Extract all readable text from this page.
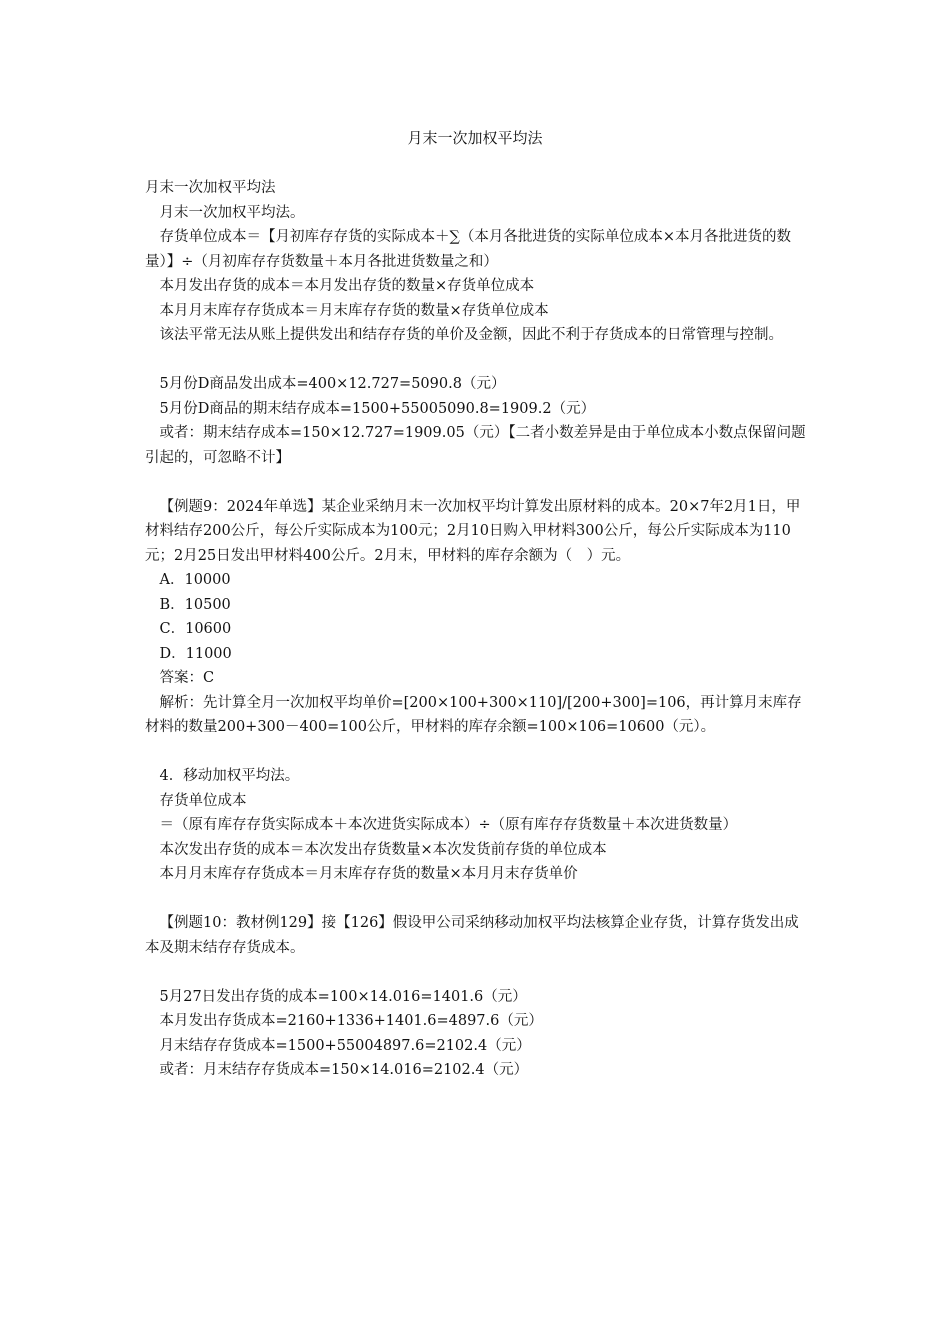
月末一次加权平均法

月末一次加权平均法

月末一次加权平均法。

存货单位成本＝【月初库存存货的实际成本＋∑（本月各批进货的实际单位成本×本月各批进货的数量）】÷（月初库存存货数量＋本月各批进货数量之和）

本月发出存货的成本＝本月发出存货的数量×存货单位成本

本月月末库存存货成本＝月末库存存货的数量×存货单位成本

该法平常无法从账上提供发出和结存存货的单价及金额，因此不利于存货成本的日常管理与控制。

5月份D商品发出成本=400×12.727=5090.8（元）

5月份D商品的期末结存成本=1500+55005090.8=1909.2（元）

或者：期末结存成本=150×12.727=1909.05（元）【二者小数差异是由于单位成本小数点保留问题引起的，可忽略不计】

【例题9：2024年单选】某企业采纳月末一次加权平均计算发出原材料的成本。20×7年2月1日，甲材料结存200公斤，每公斤实际成本为100元；2月10日购入甲材料300公斤，每公斤实际成本为110元；2月25日发出甲材料400公斤。2月末，甲材料的库存余额为（　）元。

A．10000

B．10500

C．10600

D．11000

答案：C

解析：先计算全月一次加权平均单价=[200×100+300×110]/[200+300]=106，再计算月末库存材料的数量200+300－400=100公斤，甲材料的库存余额=100×106=10600（元）。

4．移动加权平均法。

存货单位成本

＝（原有库存存货实际成本＋本次进货实际成本）÷（原有库存存货数量＋本次进货数量）

本次发出存货的成本＝本次发出存货数量×本次发货前存货的单位成本

本月月末库存存货成本＝月末库存存货的数量×本月月末存货单价

【例题10：教材例129】接【126】假设甲公司采纳移动加权平均法核算企业存货，计算存货发出成本及期末结存存货成本。

5月27日发出存货的成本=100×14.016=1401.6（元）

本月发出存货成本=2160+1336+1401.6=4897.6（元）

月末结存存货成本=1500+55004897.6=2102.4（元）

或者：月末结存存货成本=150×14.016=2102.4（元）
